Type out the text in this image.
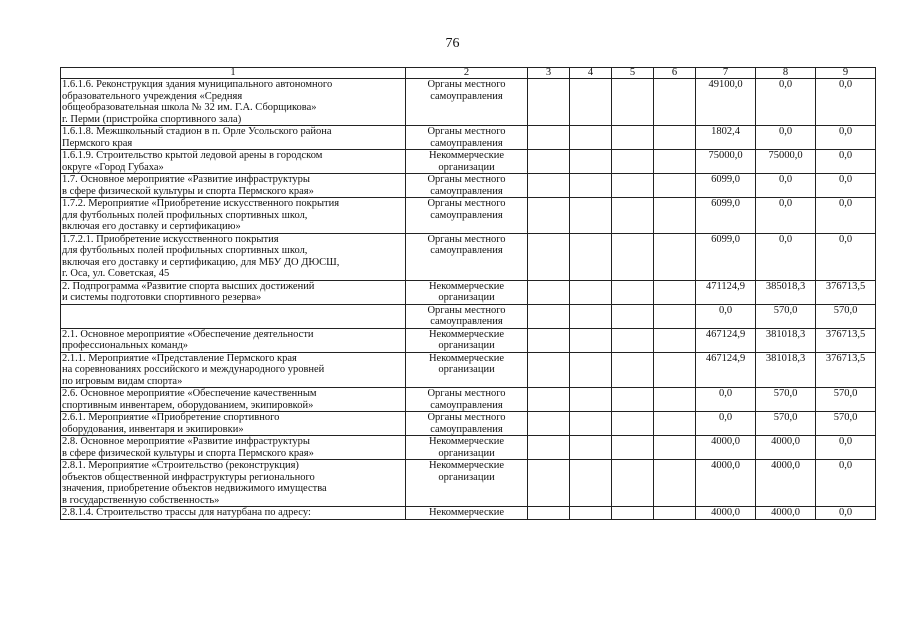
76
1	2	3	4	5	6	7	8	9

1.6.1.6. Реконструкция здания муниципального автономного
образовательного учреждения «Средняя
общеобразовательная школа № 32 им. Г.А. Сборщикова»
г. Перми (пристройка спортивного зала)	Органы местного
самоуправления					49100,0	0,0	0,0

1.6.1.8. Межшкольный стадион в п. Орле Усольского района
Пермского края	Органы местного
самоуправления					1802,4	0,0	0,0

1.6.1.9. Строительство крытой ледовой арены в городском
округе «Город Губаха»	Некоммерческие
организации					75000,0	75000,0	0,0

1.7. Основное мероприятие «Развитие инфраструктуры
в сфере физической культуры и спорта Пермского края»	Органы местного
самоуправления					6099,0	0,0	0,0

1.7.2. Мероприятие «Приобретение искусственного покрытия
для футбольных полей профильных спортивных школ,
включая его доставку и сертификацию»	Органы местного
самоуправления					6099,0	0,0	0,0

1.7.2.1. Приобретение искусственного покрытия
для футбольных полей профильных спортивных школ,
включая его доставку и сертификацию, для МБУ ДО ДЮСШ,
г. Оса, ул. Советская, 45	Органы местного
самоуправления					6099,0	0,0	0,0

2. Подпрограмма «Развитие спорта высших достижений
и системы подготовки спортивного резерва»	Некоммерческие
организации					471124,9	385018,3	376713,5

	Органы местного
самоуправления					0,0	570,0	570,0

2.1. Основное мероприятие «Обеспечение деятельности
профессиональных команд»	Некоммерческие
организации					467124,9	381018,3	376713,5

2.1.1. Мероприятие «Представление Пермского края
на соревнованиях российского и международного уровней
по игровым видам спорта»	Некоммерческие
организации					467124,9	381018,3	376713,5

2.6. Основное мероприятие «Обеспечение качественным
спортивным инвентарем, оборудованием, экипировкой»	Органы местного
самоуправления					0,0	570,0	570,0

2.6.1. Мероприятие «Приобретение спортивного
оборудования, инвентаря и экипировки»	Органы местного
самоуправления					0,0	570,0	570,0

2.8. Основное мероприятие «Развитие инфраструктуры
в сфере физической культуры и спорта Пермского края»	Некоммерческие
организации					4000,0	4000,0	0,0

2.8.1. Мероприятие «Строительство (реконструкция)
объектов общественной инфраструктуры регионального
значения, приобретение объектов недвижимого имущества
в государственную собственность»	Некоммерческие
организации					4000,0	4000,0	0,0

2.8.1.4. Строительство трассы для натурбана по адресу:	Некоммерческие					4000,0	4000,0	0,0
